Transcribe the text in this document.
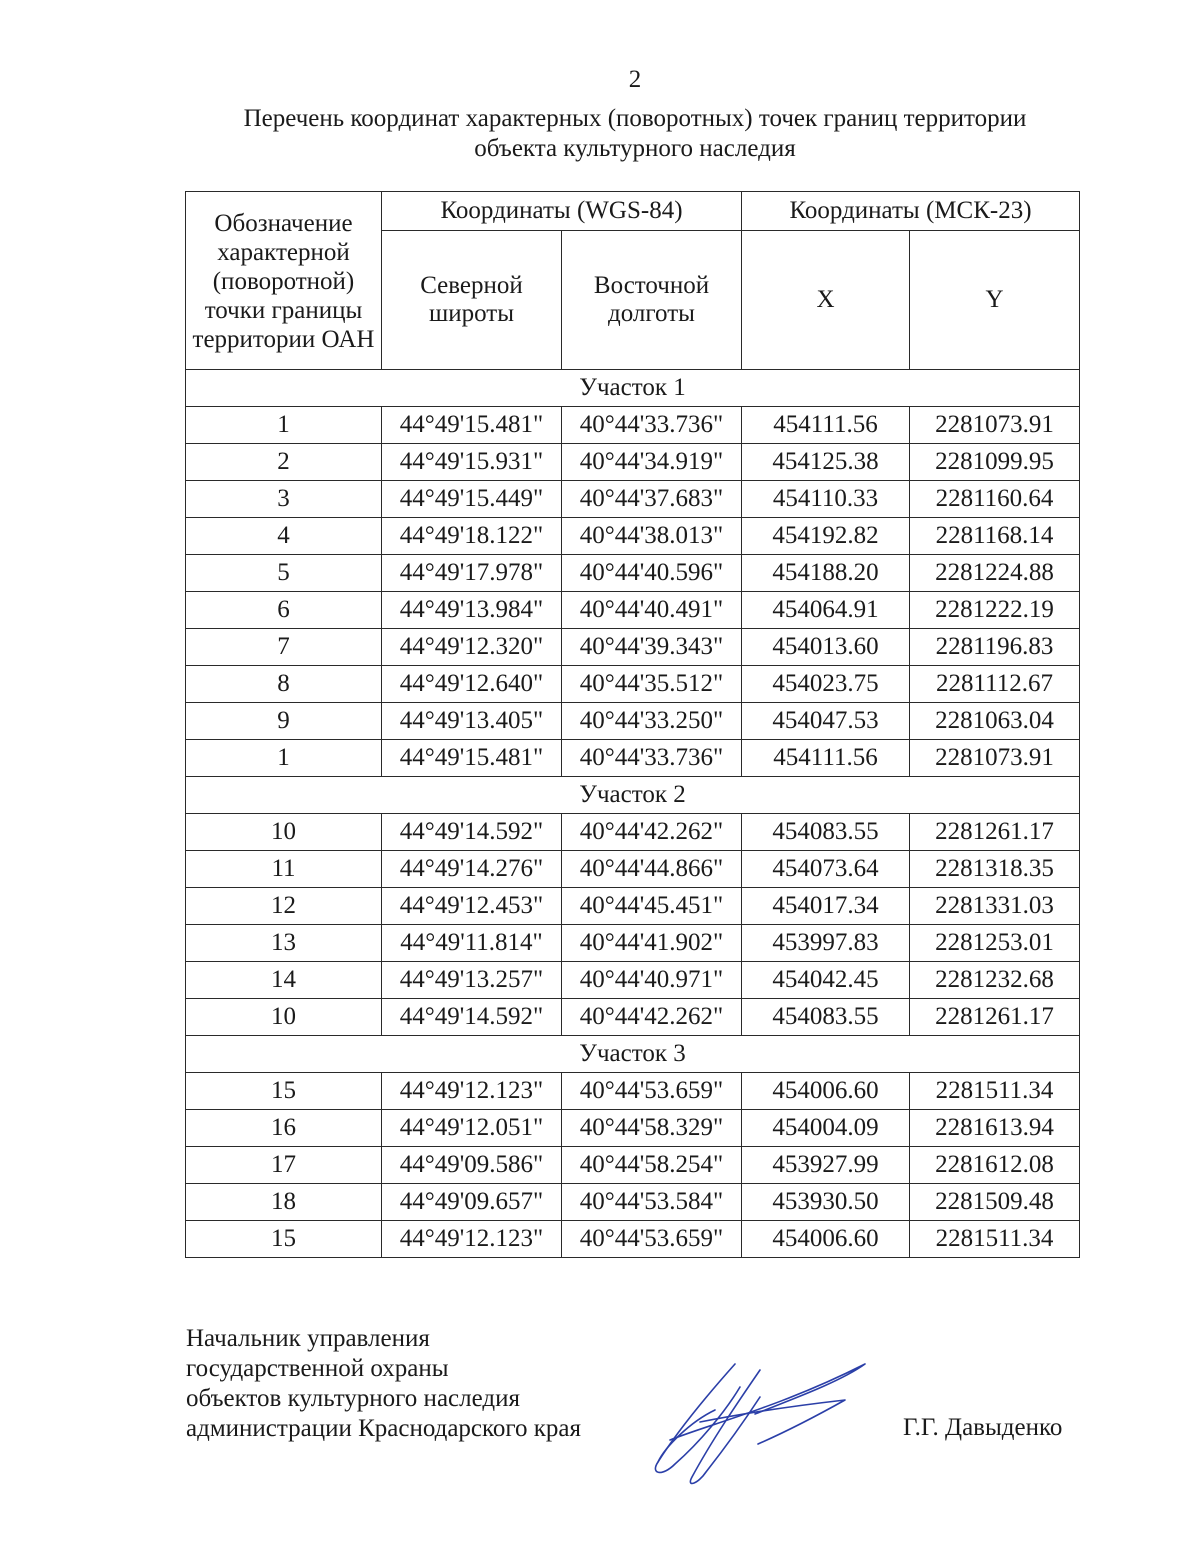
2
Перечень координат характерных (поворотных) точек границ территории
объекта культурного наследия
Обозначение характерной (поворотной) точки границы территории ОАН	Координаты (WGS-84)		Координаты (МСК-23)	
	Северной широты	Восточной долготы	X	Y
Участок 1				
1	44°49'15.481"	40°44'33.736"	454111.56	2281073.91
2	44°49'15.931"	40°44'34.919"	454125.38	2281099.95
3	44°49'15.449"	40°44'37.683"	454110.33	2281160.64
4	44°49'18.122"	40°44'38.013"	454192.82	2281168.14
5	44°49'17.978"	40°44'40.596"	454188.20	2281224.88
6	44°49'13.984"	40°44'40.491"	454064.91	2281222.19
7	44°49'12.320"	40°44'39.343"	454013.60	2281196.83
8	44°49'12.640"	40°44'35.512"	454023.75	2281112.67
9	44°49'13.405"	40°44'33.250"	454047.53	2281063.04
1	44°49'15.481"	40°44'33.736"	454111.56	2281073.91
Участок 2				
10	44°49'14.592"	40°44'42.262"	454083.55	2281261.17
11	44°49'14.276"	40°44'44.866"	454073.64	2281318.35
12	44°49'12.453"	40°44'45.451"	454017.34	2281331.03
13	44°49'11.814"	40°44'41.902"	453997.83	2281253.01
14	44°49'13.257"	40°44'40.971"	454042.45	2281232.68
10	44°49'14.592"	40°44'42.262"	454083.55	2281261.17
Участок 3				
15	44°49'12.123"	40°44'53.659"	454006.60	2281511.34
16	44°49'12.051"	40°44'58.329"	454004.09	2281613.94
17	44°49'09.586"	40°44'58.254"	453927.99	2281612.08
18	44°49'09.657"	40°44'53.584"	453930.50	2281509.48
15	44°49'12.123"	40°44'53.659"	454006.60	2281511.34
Начальник управления
государственной охраны
объектов культурного наследия
администрации Краснодарского края	Г.Г. Давыденко
